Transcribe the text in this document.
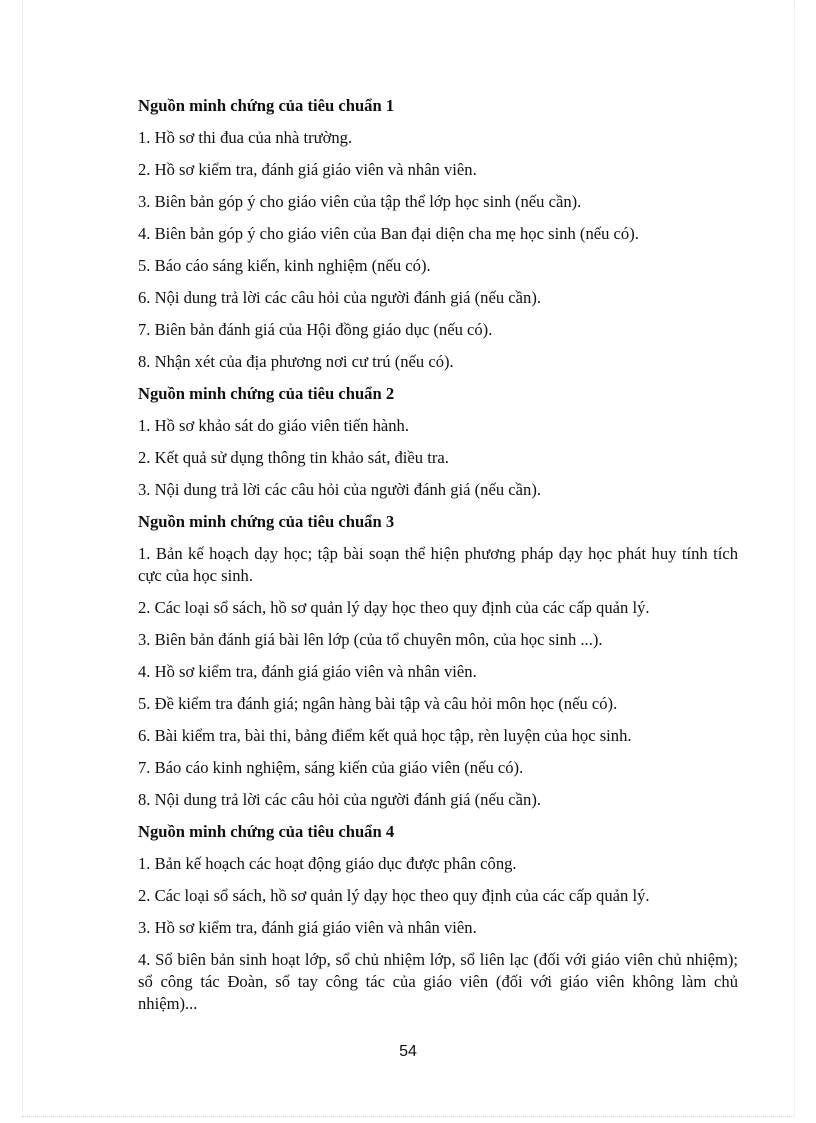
Nguồn minh chứng của tiêu chuẩn 1
1. Hồ sơ thi đua của nhà trường.
2. Hồ sơ kiểm tra, đánh giá giáo viên và nhân viên.
3. Biên bản góp ý cho giáo viên của tập thể lớp học sinh (nếu cần).
4. Biên bản góp ý cho giáo viên của Ban đại diện cha mẹ học sinh (nếu có).
5. Báo cáo sáng kiến, kinh nghiệm (nếu có).
6. Nội dung trả lời các câu hỏi của người đánh giá (nếu cần).
7. Biên bản đánh giá của Hội đồng giáo dục (nếu có).
8. Nhận xét của địa phương nơi cư trú (nếu có).
Nguồn minh chứng của tiêu chuẩn 2
1. Hồ sơ khảo sát do giáo viên tiến hành.
2. Kết quả sử dụng thông tin khảo sát, điều tra.
3. Nội dung trả lời các câu hỏi của người đánh giá (nếu cần).
Nguồn minh chứng của tiêu chuẩn 3
1. Bản kế hoạch dạy học; tập bài soạn thể hiện phương pháp dạy học phát huy tính tích cực của học sinh.
2. Các loại sổ sách, hồ sơ quản lý dạy học theo quy định của các cấp quản lý.
3. Biên bản đánh giá bài lên lớp (của tổ chuyên môn, của học sinh ...).
4. Hồ sơ kiểm tra, đánh giá giáo viên và nhân viên.
5. Đề kiểm tra đánh giá; ngân hàng bài tập và câu hỏi môn học (nếu có).
6. Bài kiểm tra, bài thi, bảng điểm kết quả học tập, rèn luyện của học sinh.
7. Báo cáo kinh nghiệm, sáng kiến của giáo viên (nếu có).
8. Nội dung trả lời các câu hỏi của người đánh giá (nếu cần).
Nguồn minh chứng của tiêu chuẩn 4
1. Bản kế hoạch các hoạt động giáo dục được phân công.
2. Các loại sổ sách, hồ sơ quản lý dạy học theo quy định của các cấp quản lý.
3. Hồ sơ kiểm tra, đánh giá giáo viên và nhân viên.
4. Sổ biên bản sinh hoạt lớp, sổ chủ nhiệm lớp, sổ liên lạc (đối với giáo viên chủ nhiệm); sổ công tác Đoàn, sổ tay công tác của giáo viên (đối với giáo viên không làm chủ nhiệm)...
54
